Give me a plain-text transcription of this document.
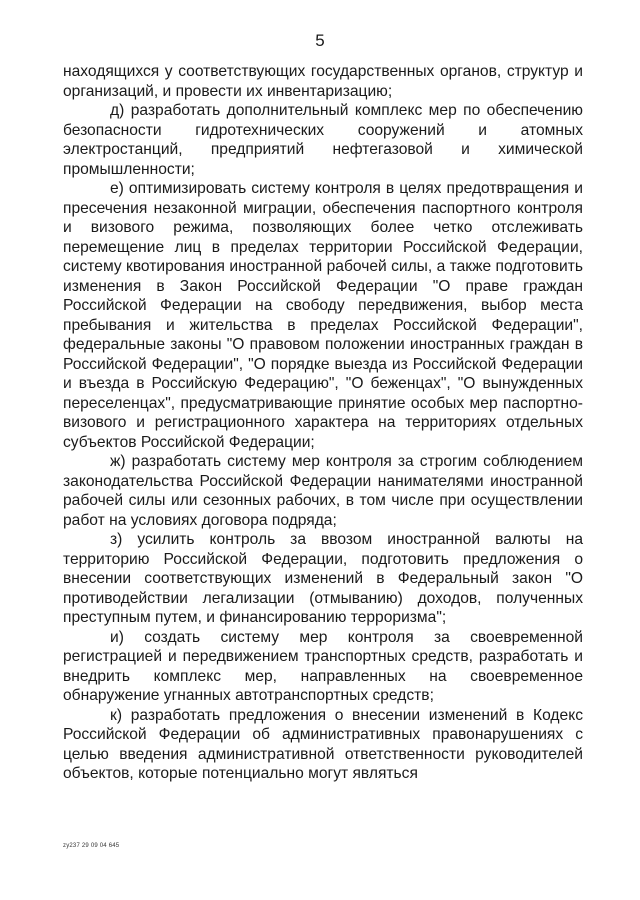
5

находящихся у соответствующих государственных органов, структур и организаций, и провести их инвентаризацию;

д) разработать дополнительный комплекс мер по обеспечению безопасности гидротехнических сооружений и атомных электростанций, предприятий нефтегазовой и химической промышленности;

е) оптимизировать систему контроля в целях предотвращения и пресечения незаконной миграции, обеспечения паспортного контроля и визового режима, позволяющих более четко отслеживать перемещение лиц в пределах территории Российской Федерации, систему квотирования иностранной рабочей силы, а также подготовить изменения в Закон Российской Федерации "О праве граждан Российской Федерации на свободу передвижения, выбор места пребывания и жительства в пределах Российской Федерации", федеральные законы "О правовом положении иностранных граждан в Российской Федерации", "О порядке выезда из Российской Федерации и въезда в Российскую Федерацию", "О беженцах", "О вынужденных переселенцах", предусматривающие принятие особых мер паспортно-визового и регистрационного характера на территориях отдельных субъектов Российской Федерации;

ж) разработать систему мер контроля за строгим соблюдением законодательства Российской Федерации нанимателями иностранной рабочей силы или сезонных рабочих, в том числе при осуществлении работ на условиях договора подряда;

з) усилить контроль за ввозом иностранной валюты на территорию Российской Федерации, подготовить предложения о внесении соответствующих изменений в Федеральный закон "О противодействии легализации (отмыванию) доходов, полученных преступным путем, и финансированию терроризма";

и) создать систему мер контроля за своевременной регистрацией и передвижением транспортных средств, разработать и внедрить комплекс мер, направленных на своевременное обнаружение угнанных автотранспортных средств;

к) разработать предложения о внесении изменений в Кодекс Российской Федерации об административных правонарушениях с целью введения административной ответственности руководителей объектов, которые потенциально могут являться

zy237 29 09 04 645
